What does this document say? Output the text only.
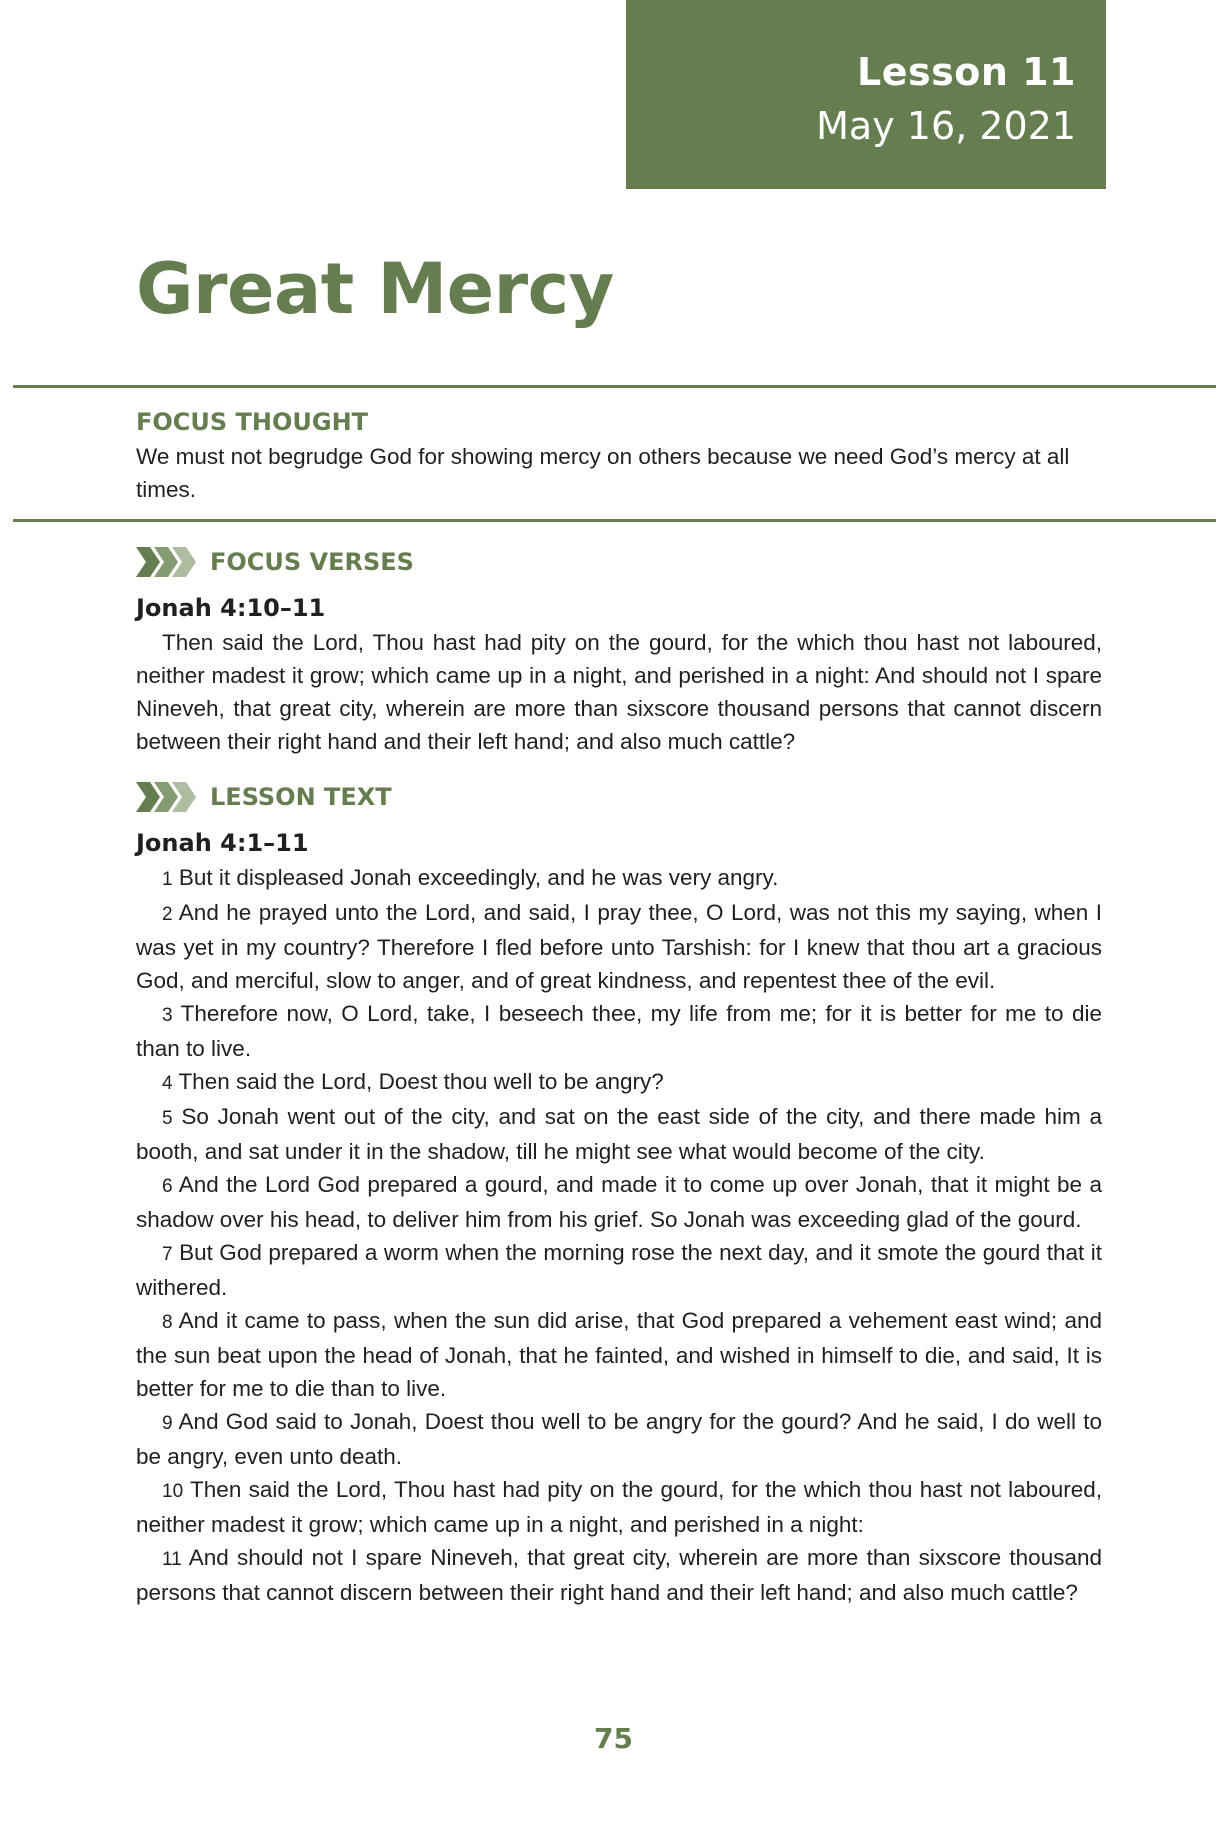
Lesson 11
May 16, 2021
Great Mercy
FOCUS THOUGHT
We must not begrudge God for showing mercy on others because we need God’s mercy at all times.
FOCUS VERSES
Jonah 4:10–11

Then said the Lord, Thou hast had pity on the gourd, for the which thou hast not laboured, neither madest it grow; which came up in a night, and perished in a night: And should not I spare Nineveh, that great city, wherein are more than sixscore thousand persons that cannot discern between their right hand and their left hand; and also much cattle?

LESSON TEXT
Jonah 4:1–11

1 But it displeased Jonah exceedingly, and he was very angry.

2 And he prayed unto the Lord, and said, I pray thee, O Lord, was not this my saying, when I was yet in my country? Therefore I fled before unto Tarshish: for I knew that thou art a gracious God, and merciful, slow to anger, and of great kindness, and repentest thee of the evil.

3 Therefore now, O Lord, take, I beseech thee, my life from me; for it is better for me to die than to live.

4 Then said the Lord, Doest thou well to be angry?

5 So Jonah went out of the city, and sat on the east side of the city, and there made him a booth, and sat under it in the shadow, till he might see what would become of the city.

6 And the Lord God prepared a gourd, and made it to come up over Jonah, that it might be a shadow over his head, to deliver him from his grief. So Jonah was exceeding glad of the gourd.

7 But God prepared a worm when the morning rose the next day, and it smote the gourd that it withered.

8 And it came to pass, when the sun did arise, that God prepared a vehement east wind; and the sun beat upon the head of Jonah, that he fainted, and wished in himself to die, and said, It is better for me to die than to live.

9 And God said to Jonah, Doest thou well to be angry for the gourd? And he said, I do well to be angry, even unto death.

10 Then said the Lord, Thou hast had pity on the gourd, for the which thou hast not laboured, neither madest it grow; which came up in a night, and perished in a night:

11 And should not I spare Nineveh, that great city, wherein are more than sixscore thousand persons that cannot discern between their right hand and their left hand; and also much cattle?

75
